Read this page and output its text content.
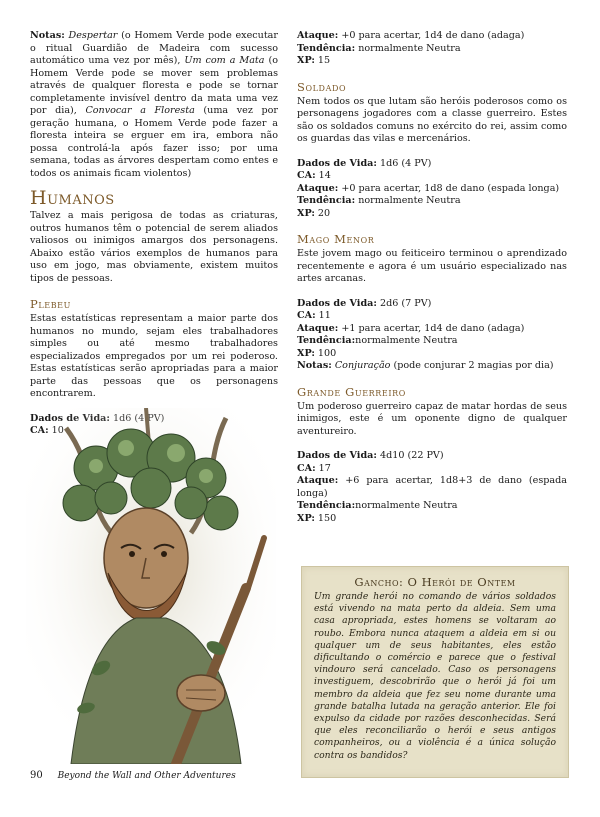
Notas: Despertar (o Homem Verde pode executar o ritual Guardião de Madeira com sucesso automático uma vez por mês), Um com a Mata (o Homem Verde pode se mover sem problemas através de qualquer floresta e pode se tornar completamente invisível dentro da mata uma vez por dia), Convocar a Floresta (uma vez por geração humana, o Homem Verde pode fazer a floresta inteira se erguer em ira, embora não possa controlá-la após fazer isso; por uma semana, todas as árvores despertam como entes e todos os animais ficam violentos)

Humanos

Talvez a mais perigosa de todas as criaturas, outros humanos têm o potencial de serem aliados valiosos ou inimigos amargos dos personagens. Abaixo estão vários exemplos de humanos para uso em jogo, mas obviamente, existem muitos tipos de pessoas.

Plebeu

Estas estatísticas representam a maior parte dos humanos no mundo, sejam eles trabalhadores simples ou até mesmo trabalhadores especializados empregados por um rei poderoso. Estas estatísticas serão apropriadas para a maior parte das pessoas que os personagens encontrarem.

Ataque: +0 para acertar, 1d4 de dano (adaga)

Tendência: normalmente Neutra

XP: 15

Soldado

Nem todos os que lutam são heróis poderosos como os personagens jogadores com a classe guerreiro. Estes são os soldados comuns no exército do rei, assim como os guardas das vilas e mercenários.

Dados de Vida: 1d6 (4 PV)

CA: 14

Ataque: +0 para acertar, 1d8 de dano (espada longa)

Tendência: normalmente Neutra

XP: 20

Mago Menor

Este jovem mago ou feiticeiro terminou o aprendizado recentemente e agora é um usuário especializado nas artes arcanas.

Dados de Vida: 2d6 (7 PV)

CA: 11

Ataque: +1 para acertar, 1d4 de dano (adaga)

Tendência:normalmente Neutra

XP: 100

Notas: Conjuração (pode conjurar 2 magias por dia)

Grande Guerreiro

Um poderoso guerreiro capaz de matar hordas de seus inimigos, este é um oponente digno de qualquer aventureiro.

Dados de Vida: 4d10 (22 PV)

CA: 17

Ataque: +6 para acertar, 1d8+3 de dano (espada longa)

Tendência:normalmente Neutra

XP: 150

Gancho: O Herói de Ontem

Um grande herói no comando de vários soldados está vivendo na mata perto da aldeia. Sem uma casa apropriada, estes homens se voltaram ao roubo. Embora nunca ataquem a aldeia em si ou qualquer um de seus habitantes, eles estão dificultando o comércio e parece que o festival vindouro será cancelado. Caso os personagens investiguem, descobrirão que o herói já foi um membro da aldeia que fez seu nome durante uma grande batalha lutada na geração anterior. Ele foi expulso da cidade por razões desconhecidas. Será que eles reconciliarão o herói e seus antigos companheiros, ou a violência é a única solução contra os bandidos?

90 Beyond the Wall and Other Adventures
